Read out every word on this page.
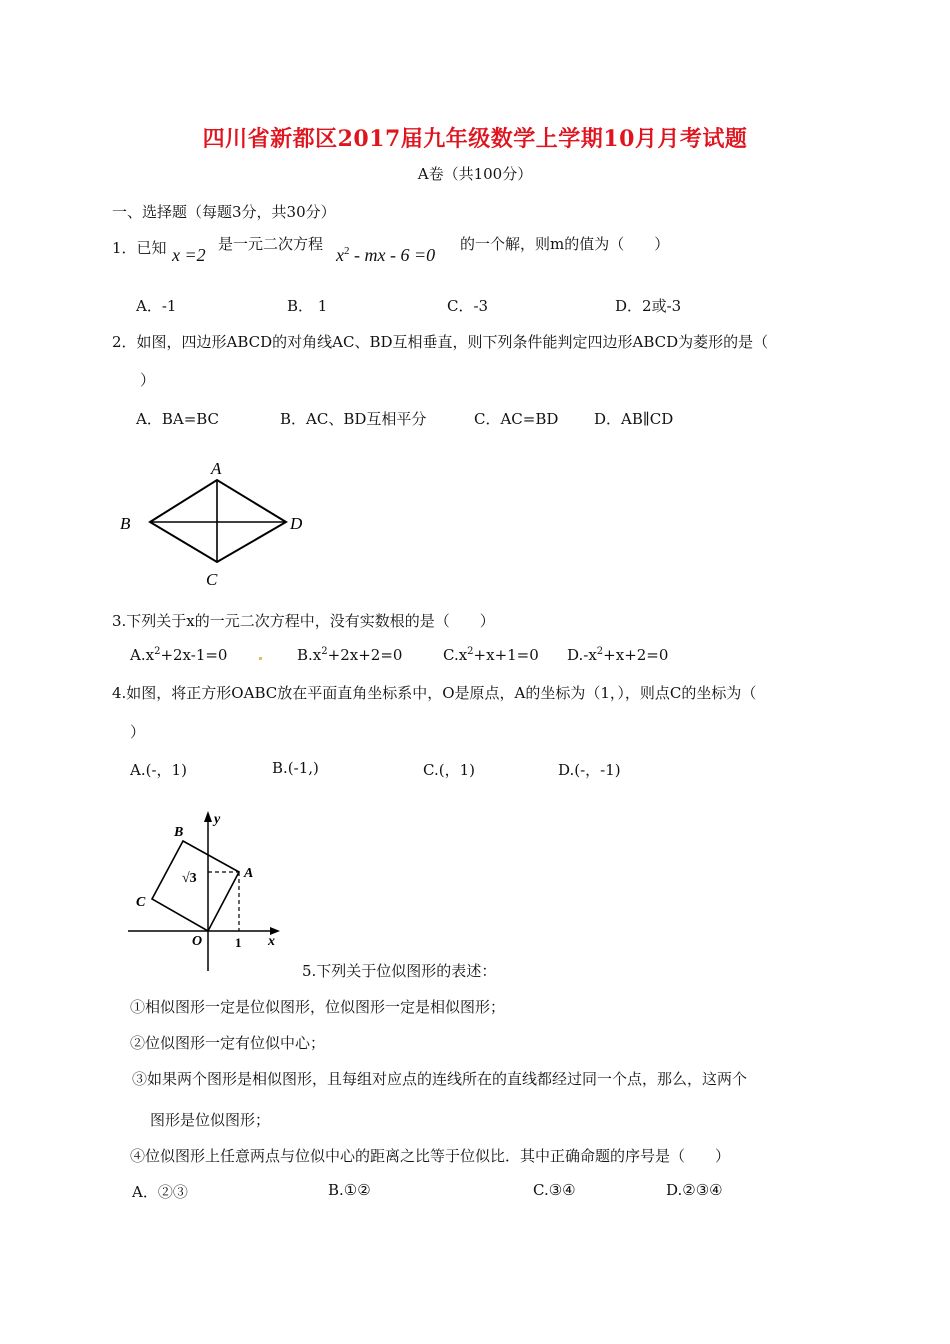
四川省新都区2017届九年级数学上学期10月月考试题
A卷（共100分）
一、选择题（每题3分，共30分）
1．已知 x =2
是一元二次方程
$x^2$ - mx - 6 =0
的一个解，则m的值为（　　）
A．-1	B． 1	C．-3	D．2或-3
2．如图，四边形ABCD的对角线AC、BD互相垂直，则下列条件能判定四边形ABCD为菱形的是（
）
A．BA=BC	B．AC、BD互相平分	C．AC=BD D．AB∥CD
A
B
C
D
3.下列关于x的一元二次方程中，没有实数根的是（　　）
$A.x^2+2x-1=0$	$B.x^2+2x+2=0$	$C.x^2+x+1=0$ $D.-x^2+x+2=0$
4.如图，将正方形OABC放在平面直角坐标系中，O是原点，A的坐标为（1，），则点C的坐标为（
）
A.(-，1)	B.(-1,)	C.(，1)	D.(-，-1)
y
x
B
A
C
O	1
√3
5.下列关于位似图形的表述：
①相似图形一定是位似图形，位似图形一定是相似图形；
②位似图形一定有位似中心；
③如果两个图形是相似图形，且每组对应点的连线所在的直线都经过同一个点，那么，这两个
图形是位似图形；
④位似图形上任意两点与位似中心的距离之比等于位似比．其中正确命题的序号是（　　）
A．②③	B.①②	C.③④	D.②③④
